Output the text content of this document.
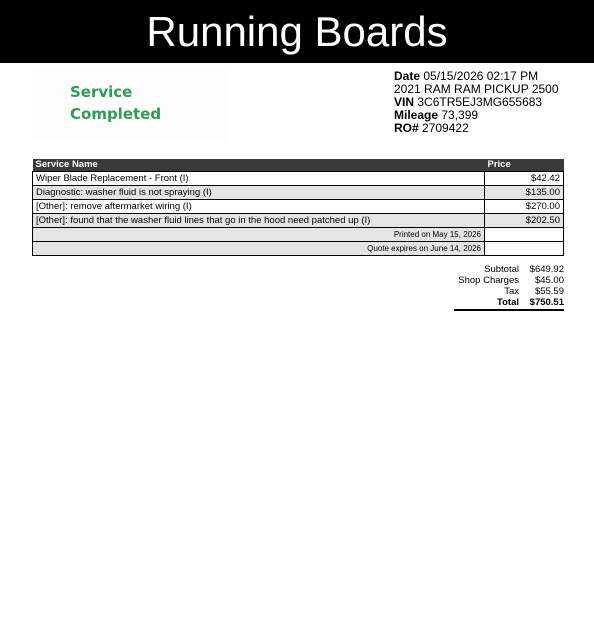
Running Boards
Service
Completed
Date 05/15/2026 02:17 PM
2021 RAM RAM PICKUP 2500
VIN 3C6TR5EJ3MG655683
Mileage 73,399
RO# 2709422
Service Name	Price
Wiper Blade Replacement - Front (I)	$42.42
Diagnostic: washer fluid is not spraying (I)	$135.00
[Other]: remove aftermarket wiring (I)	$270.00
[Other]: found that the washer fluid lines that go in the hood need patched up (I)	$202.50
Printed on May 15, 2026	
Quote expires on June 14, 2026	
Subtotal	$649.92
Shop Charges	$45.00
Tax	$55.59
Total	$750.51
